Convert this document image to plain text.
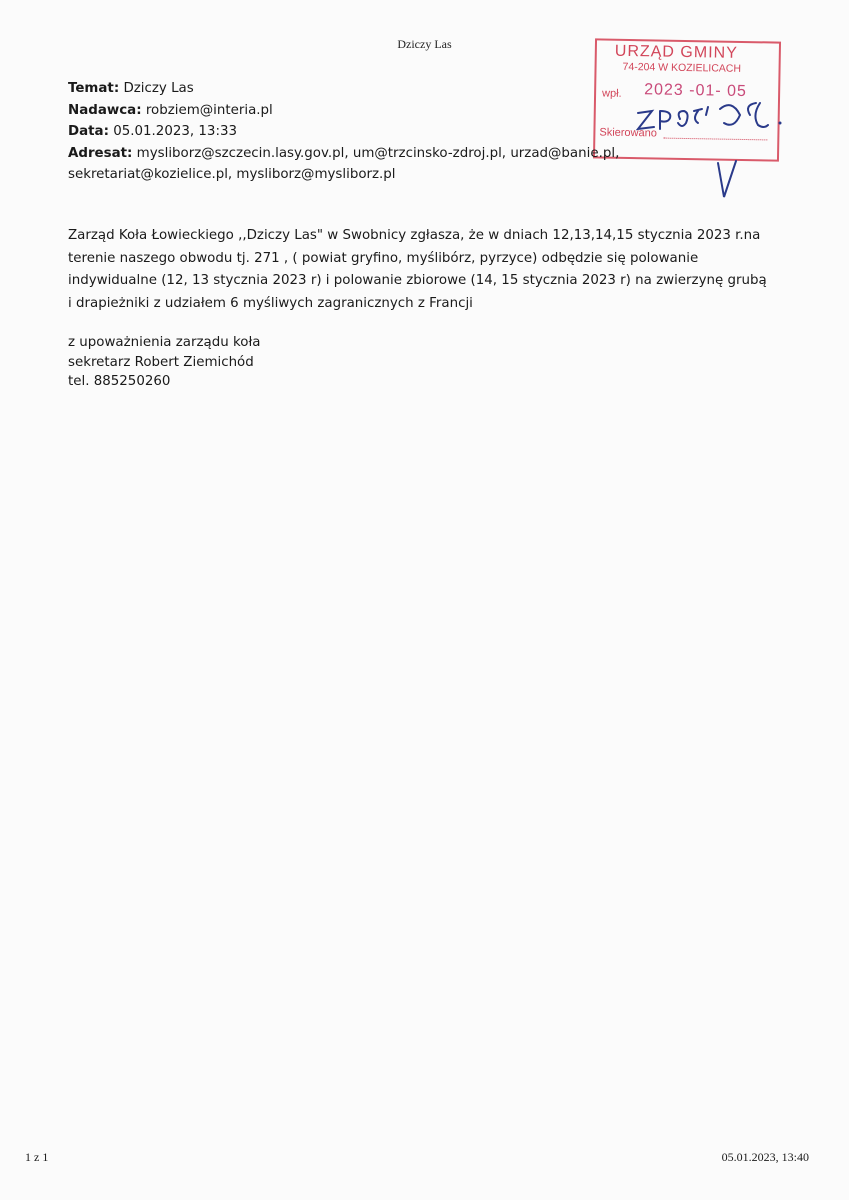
Dziczy Las	URZĄD GMINY
74-204 W KOZIELICACH
wpł. 2023 -01- 05
Skierowano
Temat: Dziczy Las
Nadawca: robziem@interia.pl
Data: 05.01.2023, 13:33
Adresat: mysliborz@szczecin.lasy.gov.pl, um@trzcinsko-zdroj.pl, urzad@banie.pl,
sekretariat@kozielice.pl, mysliborz@mysliborz.pl

Zarząd Koła Łowieckiego ,,Dziczy Las" w Swobnicy zgłasza, że w dniach 12,13,14,15 stycznia 2023 r.na terenie naszego obwodu tj. 271 , ( powiat gryfino, myślibórz, pyrzyce) odbędzie się polowanie indywidualne (12, 13 stycznia 2023 r) i polowanie zbiorowe (14, 15 stycznia 2023 r) na zwierzynę grubą i drapieżniki z udziałem 6 myśliwych zagranicznych z Francji

z upoważnienia zarządu koła
sekretarz Robert Ziemichód
tel. 885250260
1 z 1	05.01.2023, 13:40
